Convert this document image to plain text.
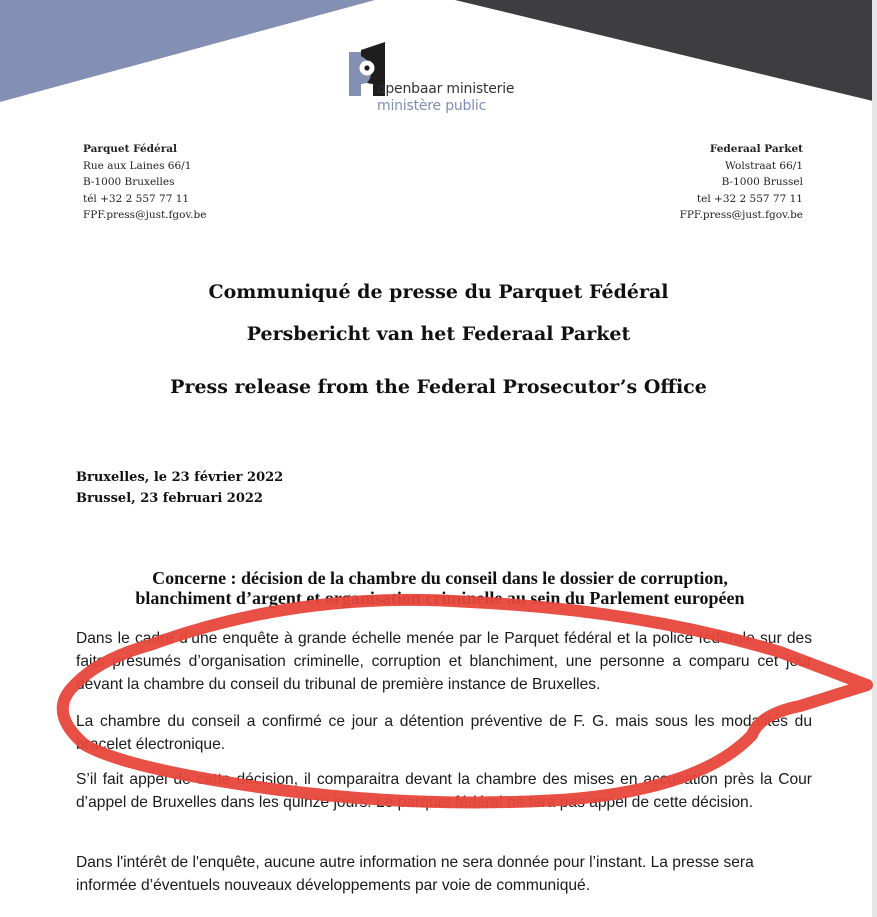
openbaar ministerie
ministère public
Parquet Fédéral
Rue aux Laines 66/1
B-1000 Bruxelles
tél +32 2 557 77 11
FPF.press@just.fgov.be
Federaal Parket
Wolstraat 66/1
B-1000 Brussel
tel +32 2 557 77 11
FPF.press@just.fgov.be
Communiqué de presse du Parquet Fédéral
Persbericht van het Federaal Parket
Press release from the Federal Prosecutor’s Office
Bruxelles, le 23 février 2022
Brussel, 23 februari 2022
Concerne : décision de la chambre du conseil dans le dossier de corruption,
blanchiment d’argent et organisation criminelle au sein du Parlement européen
Dans le cadre d’une enquête à grande échelle menée par le Parquet fédéral et la police fédérale sur des faits présumés d’organisation criminelle, corruption et blanchiment, une personne a comparu cet jour devant la chambre du conseil du tribunal de première instance de Bruxelles.
La chambre du conseil a confirmé ce jour a détention préventive de F. G. mais sous les modalités du bracelet électronique.
S’il fait appel de cette décision, il comparaitra devant la chambre des mises en accusation près la Cour d’appel de Bruxelles dans les quinze jours. Le parquet fédéral ne fera pas appel de cette décision.
Dans l'intérêt de l'enquête, aucune autre information ne sera donnée pour l’instant. La presse sera informée d’éventuels nouveaux développements par voie de communiqué.
